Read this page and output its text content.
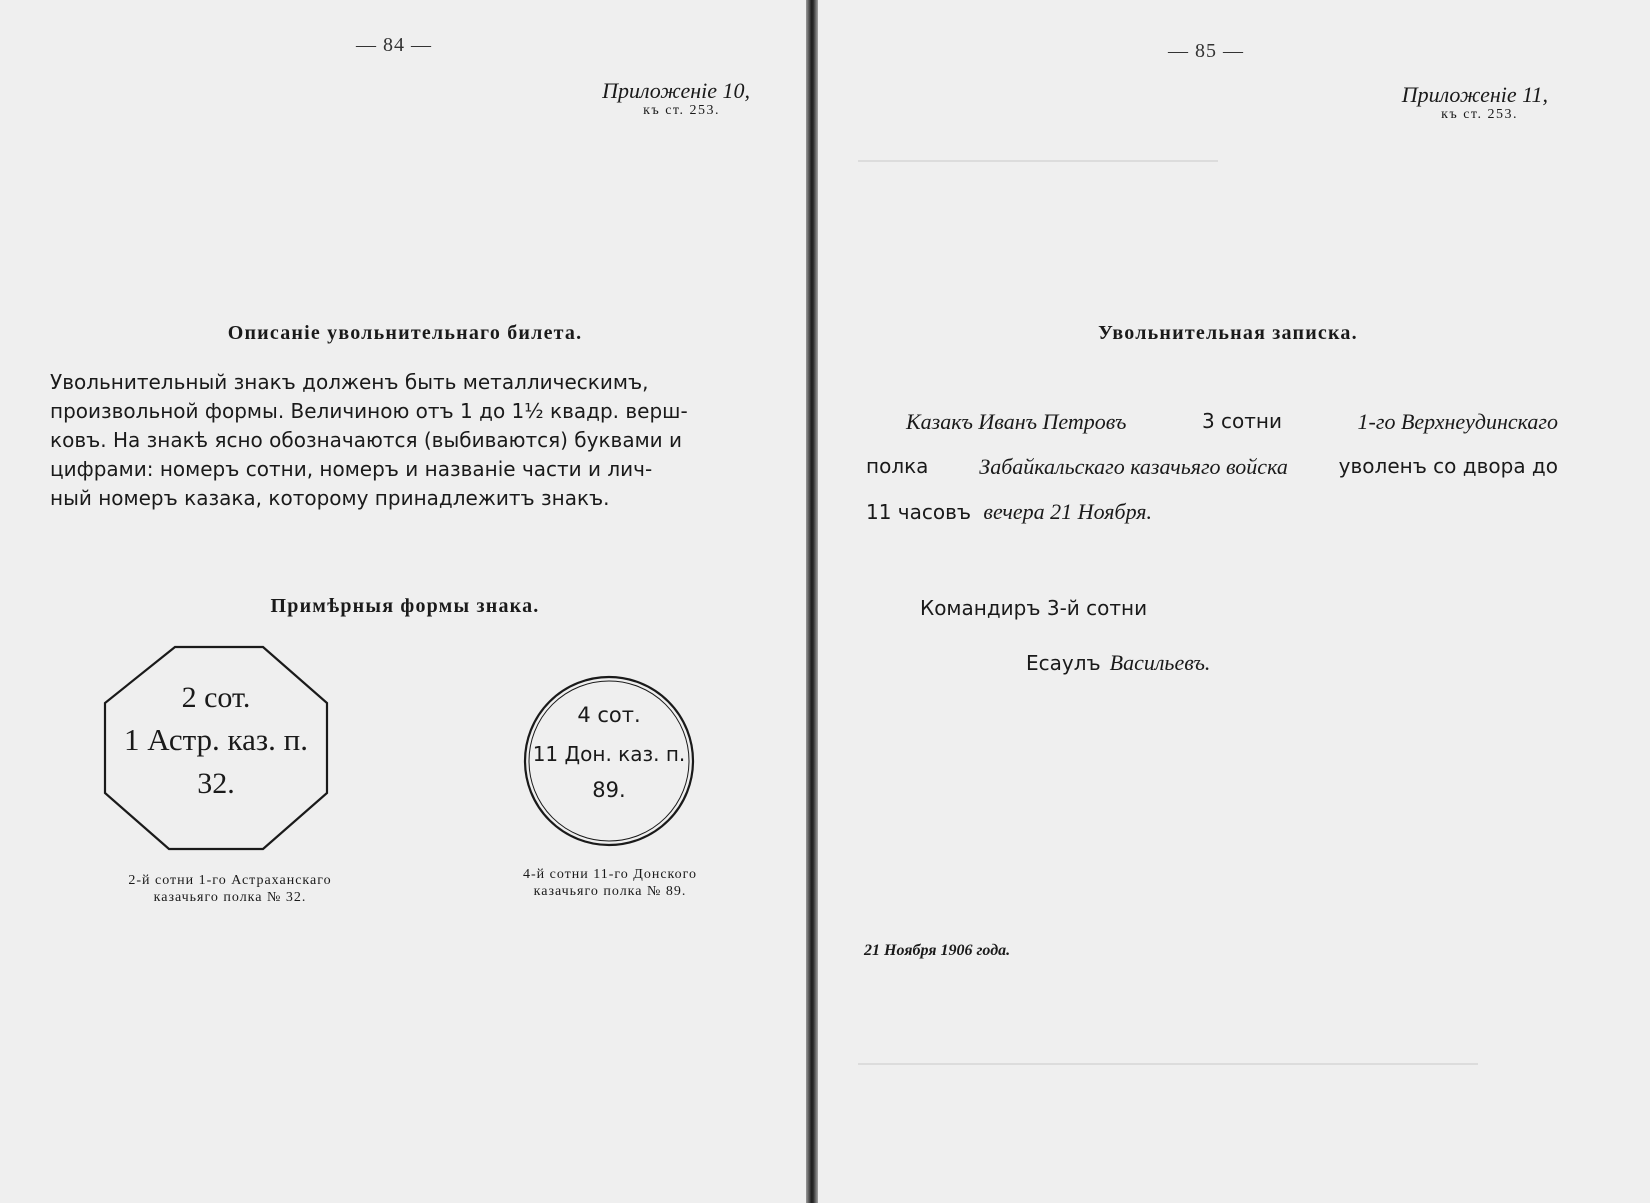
— 84 —
Приложенiе 10,
къ ст. 253.
Описанiе увольнительнаго билета.
Увольнительный знакъ долженъ быть металлическимъ,
произвольной формы. Величиною отъ 1 до 1½ квадр. верш-
ковъ. На знакѣ ясно обозначаются (выбиваются) буквами и
цифрами: номеръ сотни, номеръ и названiе части и лич-
ный номеръ казака, которому принадлежитъ знакъ.
Примѣрныя формы знака.
2 сот.
1 Астр. каз. п.
32.
2-й сотни 1-го Астраханскаго
казачьяго полка № 32.
4 сот.
11 Дон. каз. п.
89.
4-й сотни 11-го Донского
казачьяго полка № 89.
— 85 —
Приложенiе 11,
къ ст. 253.
Увольнительная записка.
Казакъ Иванъ Петровъ	3 сотни	1-го Верхнеудинскаго
полка Забайкальскаго казачьяго войска	уволенъ со двора до
11 часовъ вечера 21 Ноября.
Командиръ 3-й сотни
Есаулъ Васильевъ.
21 Ноября 1906 года.
